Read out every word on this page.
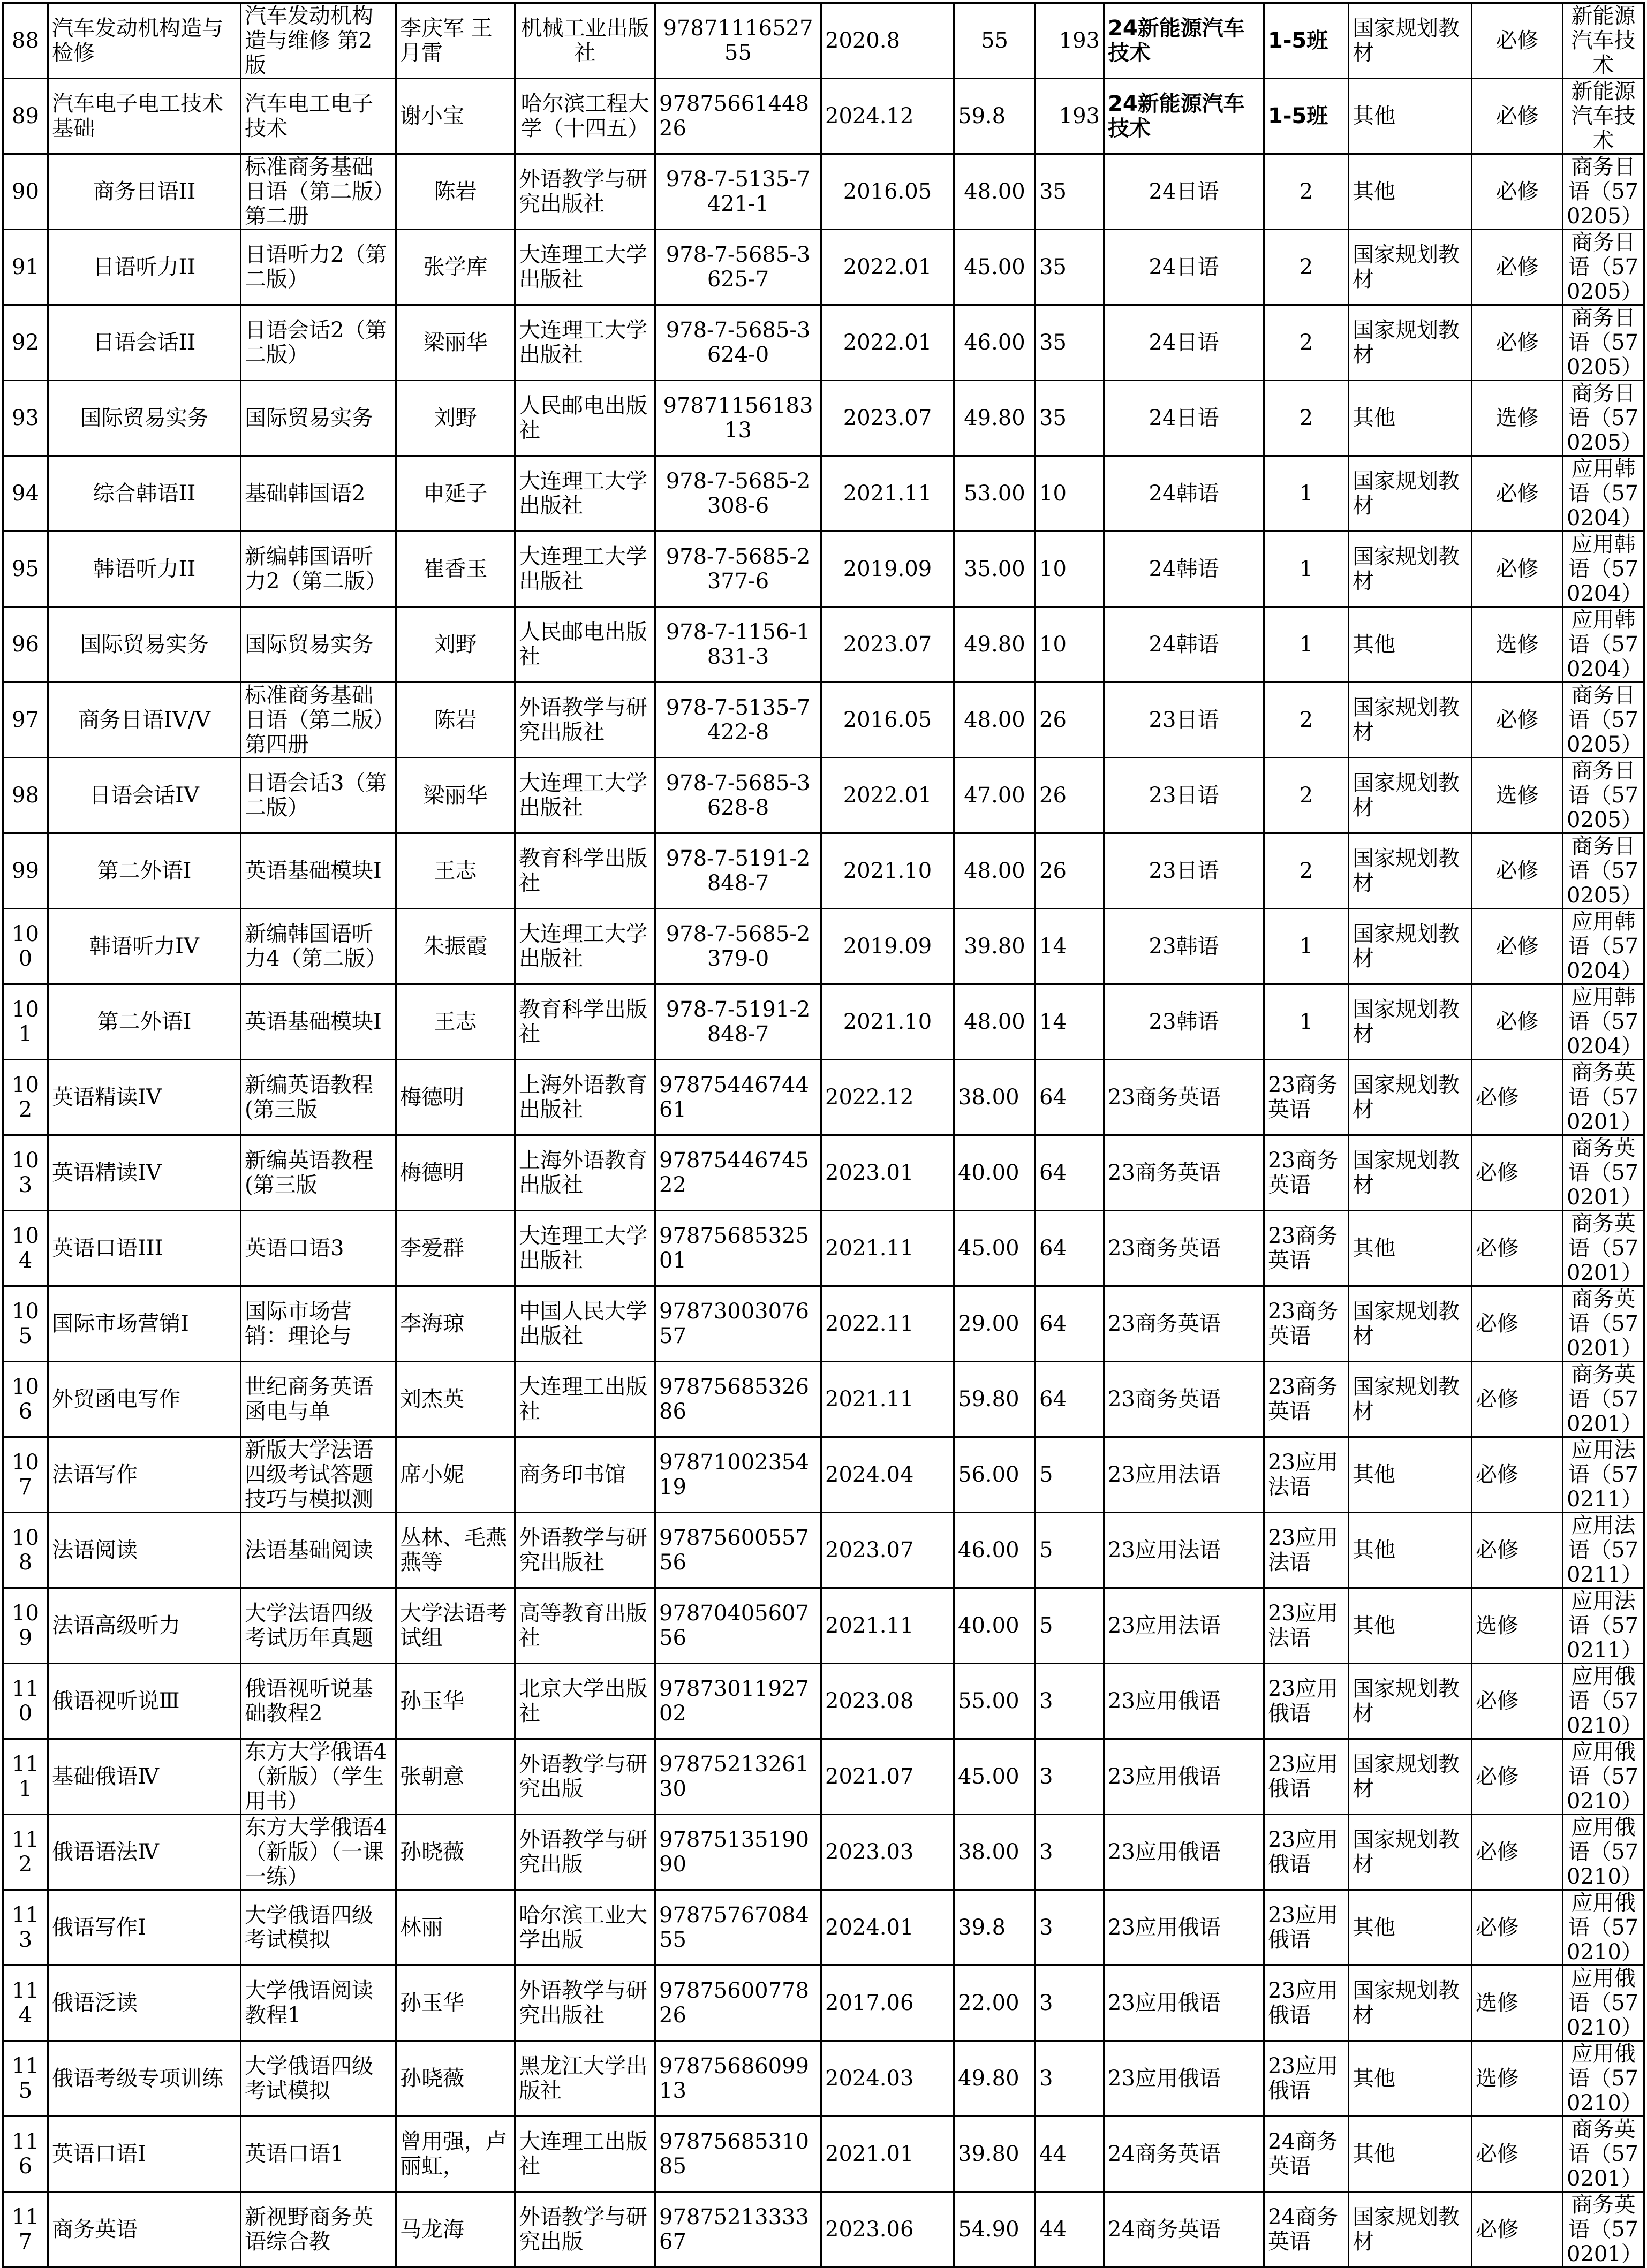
88	汽车发动机构造与检修	汽车发动机构造与维修 第2版	李庆军 王月雷	机械工业出版社	9787111652755	2020.8	55	193	24新能源汽车技术	1-5班	国家规划教材	必修	新能源汽车技术
89	汽车电子电工技术基础	汽车电工电子技术	谢小宝	哈尔滨工程大学（十四五）	9787566144826	2024.12	59.8	193	24新能源汽车技术	1-5班	其他	必修	新能源汽车技术
90	商务日语II	标准商务基础日语（第二版）第二册	陈岩	外语教学与研究出版社	978-7-5135-7421-1	2016.05	48.00	35	24日语	2	其他	必修	商务日语（570205）
91	日语听力II	日语听力2（第二版）	张学库	大连理工大学出版社	978-7-5685-3625-7	2022.01	45.00	35	24日语	2	国家规划教材	必修	商务日语（570205）
92	日语会话II	日语会话2（第二版）	梁丽华	大连理工大学出版社	978-7-5685-3624-0	2022.01	46.00	35	24日语	2	国家规划教材	必修	商务日语（570205）
93	国际贸易实务	国际贸易实务	刘野	人民邮电出版社	9787115618313	2023.07	49.80	35	24日语	2	其他	选修	商务日语（570205）
94	综合韩语II	基础韩国语2	申延子	大连理工大学出版社	978-7-5685-2308-6	2021.11	53.00	10	24韩语	1	国家规划教材	必修	应用韩语（570204）
95	韩语听力II	新编韩国语听力2（第二版）	崔香玉	大连理工大学出版社	978-7-5685-2377-6	2019.09	35.00	10	24韩语	1	国家规划教材	必修	应用韩语（570204）
96	国际贸易实务	国际贸易实务	刘野	人民邮电出版社	978-7-1156-1831-3	2023.07	49.80	10	24韩语	1	其他	选修	应用韩语（570204）
97	商务日语IV/V	标准商务基础日语（第二版）第四册	陈岩	外语教学与研究出版社	978-7-5135-7422-8	2016.05	48.00	26	23日语	2	国家规划教材	必修	商务日语（570205）
98	日语会话IV	日语会话3（第二版）	梁丽华	大连理工大学出版社	978-7-5685-3628-8	2022.01	47.00	26	23日语	2	国家规划教材	选修	商务日语（570205）
99	第二外语I	英语基础模块I	王志	教育科学出版社	978-7-5191-2848-7	2021.10	48.00	26	23日语	2	国家规划教材	必修	商务日语（570205）
100	韩语听力IV	新编韩国语听力4（第二版）	朱振霞	大连理工大学出版社	978-7-5685-2379-0	2019.09	39.80	14	23韩语	1	国家规划教材	必修	应用韩语（570204）
101	第二外语I	英语基础模块I	王志	教育科学出版社	978-7-5191-2848-7	2021.10	48.00	14	23韩语	1	国家规划教材	必修	应用韩语（570204）
102	英语精读IV	新编英语教程(第三版	梅德明	上海外语教育出版社	9787544674461	2022.12	38.00	64	23商务英语	23商务英语	国家规划教材	必修	商务英语（570201）
103	英语精读IV	新编英语教程(第三版	梅德明	上海外语教育出版社	9787544674522	2023.01	40.00	64	23商务英语	23商务英语	国家规划教材	必修	商务英语（570201）
104	英语口语III	英语口语3	李爱群	大连理工大学出版社	9787568532501	2021.11	45.00	64	23商务英语	23商务英语	其他	必修	商务英语（570201）
105	国际市场营销I	国际市场营销：理论与	李海琼	中国人民大学出版社	9787300307657	2022.11	29.00	64	23商务英语	23商务英语	国家规划教材	必修	商务英语（570201）
106	外贸函电写作	世纪商务英语函电与单	刘杰英	大连理工出版社	9787568532686	2021.11	59.80	64	23商务英语	23商务英语	国家规划教材	必修	商务英语（570201）
107	法语写作	新版大学法语四级考试答题技巧与模拟测	席小妮	商务印书馆	9787100235419	2024.04	56.00	5	23应用法语	23应用法语	其他	必修	应用法语（570211）
108	法语阅读	法语基础阅读	丛林、毛燕燕等	外语教学与研究出版社	9787560055756	2023.07	46.00	5	23应用法语	23应用法语	其他	必修	应用法语（570211）
109	法语高级听力	大学法语四级考试历年真题	大学法语考试组	高等教育出版社	9787040560756	2021.11	40.00	5	23应用法语	23应用法语	其他	选修	应用法语（570211）
110	俄语视听说Ⅲ	俄语视听说基础教程2	孙玉华	北京大学出版社	9787301192702	2023.08	55.00	3	23应用俄语	23应用俄语	国家规划教材	必修	应用俄语（570210）
111	基础俄语Ⅳ	东方大学俄语4（新版）（学生用书）	张朝意	外语教学与研究出版	9787521326130	2021.07	45.00	3	23应用俄语	23应用俄语	国家规划教材	必修	应用俄语（570210）
112	俄语语法Ⅳ	东方大学俄语4（新版）（一课一练）	孙晓薇	外语教学与研究出版	9787513519090	2023.03	38.00	3	23应用俄语	23应用俄语	国家规划教材	必修	应用俄语（570210）
113	俄语写作Ⅰ	大学俄语四级考试模拟	林丽	哈尔滨工业大学出版	9787576708455	2024.01	39.8	3	23应用俄语	23应用俄语	其他	必修	应用俄语（570210）
114	俄语泛读	大学俄语阅读教程1	孙玉华	外语教学与研究出版社	9787560077826	2017.06	22.00	3	23应用俄语	23应用俄语	国家规划教材	选修	应用俄语（570210）
115	俄语考级专项训练	大学俄语四级考试模拟	孙晓薇	黑龙江大学出版社	9787568609913	2024.03	49.80	3	23应用俄语	23应用俄语	其他	选修	应用俄语（570210）
116	英语口语I	英语口语1	曾用强，卢丽虹，	大连理工出版社	9787568531085	2021.01	39.80	44	24商务英语	24商务英语	其他	必修	商务英语（570201）
117	商务英语	新视野商务英语综合教	马龙海	外语教学与研究出版	9787521333367	2023.06	54.90	44	24商务英语	24商务英语	国家规划教材	必修	商务英语（570201）
